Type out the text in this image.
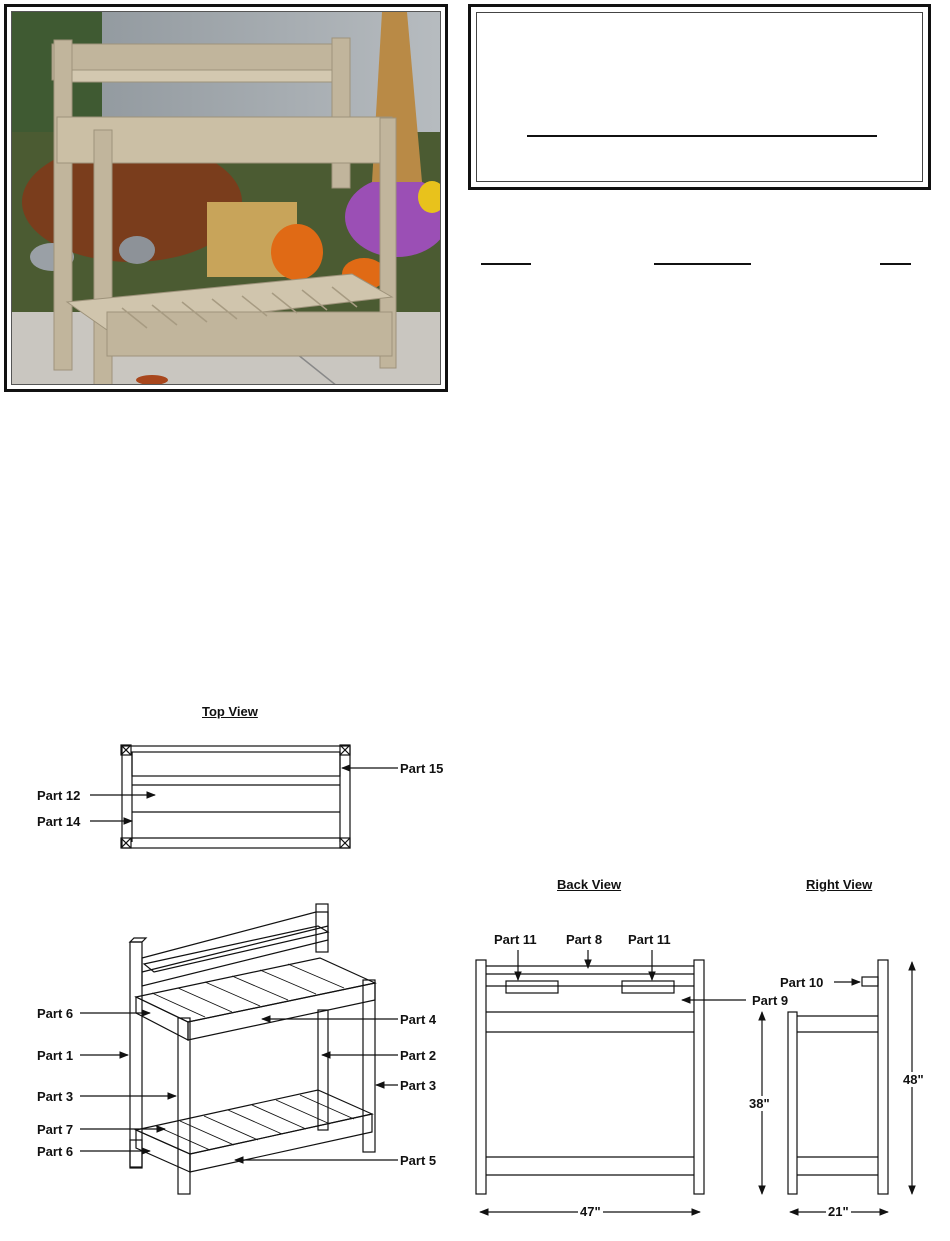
Top View
Back View	Right View
Part 12
Part 14
Part 15
Part 6
Part 1
Part 3
Part 7
Part 6
Part 2
Part 3
Part 5
Part 11 Part 8 Part 11
Part 9
Part 4
47"
Part 10
38"
48"
21"
